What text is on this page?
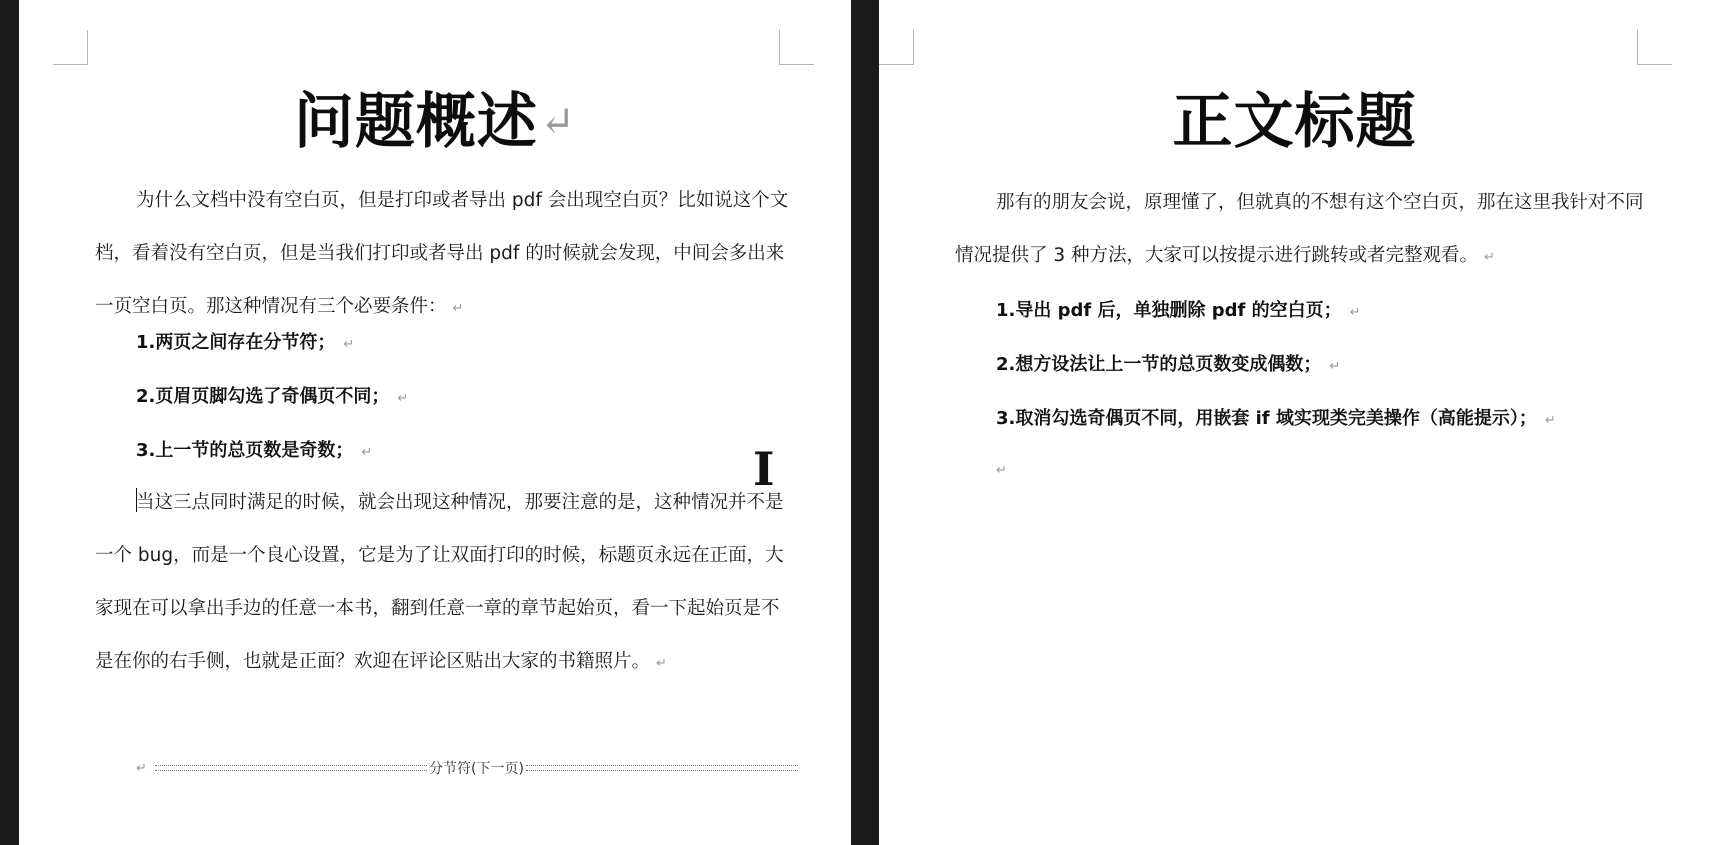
问题概述↵
为什么文档中没有空白页，但是打印或者导出 pdf 会出现空白页？比如说这个文档，看着没有空白页，但是当我们打印或者导出 pdf 的时候就会发现，中间会多出来一页空白页。那这种情况有三个必要条件： ↵
1.两页之间存在分节符； ↵
2.页眉页脚勾选了奇偶页不同； ↵
3.上一节的总页数是奇数； ↵
当这三点同时满足的时候，就会出现这种情况，那要注意的是，这种情况并不是一个 bug，而是一个良心设置，它是为了让双面打印的时候，标题页永远在正面，大家现在可以拿出手边的任意一本书，翻到任意一章的章节起始页，看一下起始页是不是在你的右手侧，也就是正面？欢迎在评论区贴出大家的书籍照片。 ↵
I
↵	分节符(下一页)
正文标题
那有的朋友会说，原理懂了，但就真的不想有这个空白页，那在这里我针对不同情况提供了 3 种方法，大家可以按提示进行跳转或者完整观看。 ↵
1.导出 pdf 后，单独删除 pdf 的空白页； ↵
2.想方设法让上一节的总页数变成偶数； ↵
3.取消勾选奇偶页不同，用嵌套 if 域实现类完美操作（高能提示）； ↵
↵
